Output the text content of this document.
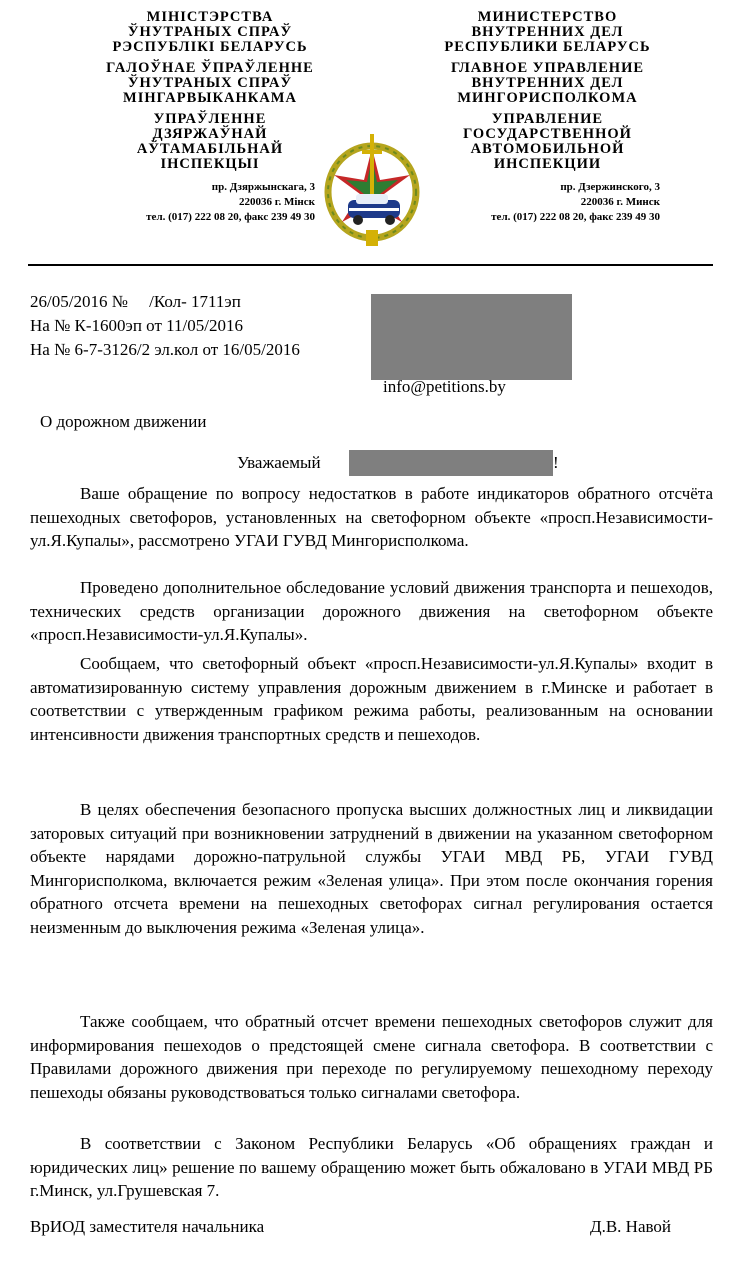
МІНІСТЭРСТВА
ЎНУТРАНЫХ СПРАЎ
РЭСПУБЛІКІ БЕЛАРУСЬ
ГАЛОЎНАЕ ЎПРАЎЛЕННЕ
ЎНУТРАНЫХ СПРАЎ
МІНГАРВЫКАНКАМА
УПРАЎЛЕННЕ
ДЗЯРЖАЎНАЙ
АЎТАМАБІЛЬНАЙ
ІНСПЕКЦЫІ
пр. Дзяржынскага, 3
220036 г. Мінск
тел. (017) 222 08 20, факс 239 49 30
МИНИСТЕРСТВО
ВНУТРЕННИХ ДЕЛ
РЕСПУБЛИКИ БЕЛАРУСЬ
ГЛАВНОЕ УПРАВЛЕНИЕ
ВНУТРЕННИХ ДЕЛ
МИНГОРИСПОЛКОМА
УПРАВЛЕНИЕ
ГОСУДАРСТВЕННОЙ
АВТОМОБИЛЬНОЙ
ИНСПЕКЦИИ
пр. Дзержинского, 3
220036 г. Минск
тел. (017) 222 08 20, факс 239 49 30
26/05/2016 №     /Кол- 1711эп
На № К-1600эп от 11/05/2016
На № 6-7-3126/2 эл.кол от 16/05/2016
info@petitions.by
О дорожном движении
Уважаемый	!

Ваше обращение по вопросу недостатков в работе индикаторов обратного отсчёта пешеходных светофоров, установленных на светофорном объекте «просп.Независимости-ул.Я.Купалы», рассмотрено УГАИ ГУВД Мингорисполкома.

Проведено дополнительное обследование условий движения транспорта и пешеходов, технических средств организации дорожного движения на светофорном объекте «просп.Независимости-ул.Я.Купалы».

Сообщаем, что светофорный объект «просп.Независимости-ул.Я.Купалы» входит в автоматизированную систему управления дорожным движением в г.Минске и работает в соответствии с утвержденным графиком режима работы, реализованным на основании интенсивности движения транспортных средств и пешеходов.

В целях обеспечения безопасного пропуска высших должностных лиц и ликвидации заторовых ситуаций при возникновении затруднений в движении на указанном светофорном объекте нарядами дорожно-патрульной службы УГАИ МВД РБ, УГАИ ГУВД Мингорисполкома, включается режим «Зеленая улица». При этом после окончания горения обратного отсчета времени на пешеходных светофорах сигнал регулирования остается неизменным до выключения режима «Зеленая улица».

Также сообщаем, что обратный отсчет времени пешеходных светофоров служит для информирования пешеходов о предстоящей смене сигнала светофора. В соответствии с Правилами дорожного движения при переходе по регулируемому пешеходному переходу пешеходы обязаны руководствоваться только сигналами светофора.

В соответствии с Законом Республики Беларусь «Об обращениях граждан и юридических лиц» решение по вашему обращению может быть обжаловано в УГАИ МВД РБ г.Минск, ул.Грушевская 7.

ВрИОД заместителя начальника	Д.В. Навой
